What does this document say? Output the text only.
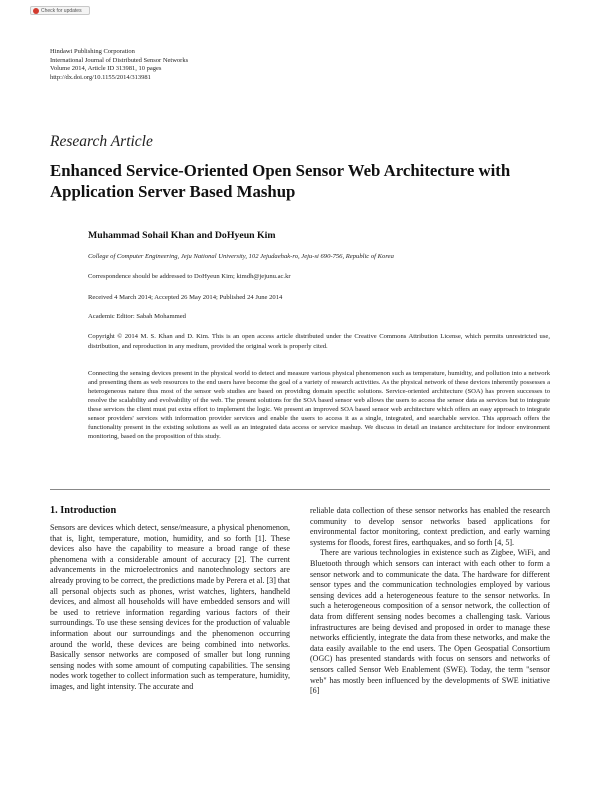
Check for updates
Hindawi Publishing Corporation
International Journal of Distributed Sensor Networks
Volume 2014, Article ID 313981, 10 pages
http://dx.doi.org/10.1155/2014/313981
Research Article
Enhanced Service-Oriented Open Sensor Web Architecture with Application Server Based Mashup
Muhammad Sohail Khan and DoHyeun Kim
College of Computer Engineering, Jeju National University, 102 Jejudaehak-ro, Jeju-si 690-756, Republic of Korea
Correspondence should be addressed to DoHyeun Kim; kimdh@jejunu.ac.kr
Received 4 March 2014; Accepted 26 May 2014; Published 24 June 2014
Academic Editor: Sabah Mohammed

Copyright © 2014 M. S. Khan and D. Kim. This is an open access article distributed under the Creative Commons Attribution License, which permits unrestricted use, distribution, and reproduction in any medium, provided the original work is properly cited.

Connecting the sensing devices present in the physical world to detect and measure various physical phenomenon such as temperature, humidity, and pollution into a network and presenting them as web resources to the end users have become the goal of a variety of research activities. As the physical network of these devices inherently possesses a heterogeneous nature thus most of the sensor web studies are based on providing domain specific solutions. Service-oriented architecture (SOA) has proven successes to resolve the scalability and evolvability of the web. The present solutions for the SOA based sensor web allows the users to access the sensor data as services but to integrate these services the client must put extra effort to implement the logic. We present an improved SOA based sensor web architecture which offers an easy approach to integrate sensor providers' services with information provider services and enable the users to access it as a single, integrated, and searchable service. This approach offers the functionality present in the existing solutions as well as an integrated data access or service mashup. We discuss in detail an instance architecture for indoor environment monitoring, based on the proposition of this study.

1. Introduction

Sensors are devices which detect, sense/measure, a physical phenomenon, that is, light, temperature, motion, humidity, and so forth [1]. These devices also have the capability to measure a broad range of these phenomena with a considerable amount of accuracy [2]. The current advancements in the microelectronics and nanotechnology sectors are already proving to be correct, the predictions made by Perera et al. [3] that all personal objects such as phones, wrist watches, lighters, handheld devices, and almost all households will have embedded sensors and will be used to retrieve information regarding various factors of their surroundings. To use these sensing devices for the production of valuable information about our surroundings and the phenomenon occurring around the world, these devices are being combined into networks. Basically sensor networks are composed of smaller but long running sensing nodes with some amount of computing capabilities. The sensing nodes work together to collect information such as temperature, humidity, images, and light intensity. The accurate and

reliable data collection of these sensor networks has enabled the research community to develop sensor networks based applications for environmental factor monitoring, context prediction, and early warning systems for floods, forest fires, earthquakes, and so forth [4, 5].

There are various technologies in existence such as Zigbee, WiFi, and Bluetooth through which sensors can interact with each other to form a sensor network and to communicate the data. The hardware for different sensor types and the communication technologies employed by various sensing devices add a heterogeneous feature to the sensor networks. In such a heterogeneous composition of a sensor network, the collection of data from different sensing nodes becomes a challenging task. Various infrastructures are being devised and proposed in order to manage these networks efficiently, integrate the data from these networks, and make the data easily available to the end users. The Open Geospatial Consortium (OGC) has presented standards with focus on sensors and networks of sensors called Sensor Web Enablement (SWE). Today, the term "sensor web" has mostly been influenced by the developments of SWE initiative [6]
